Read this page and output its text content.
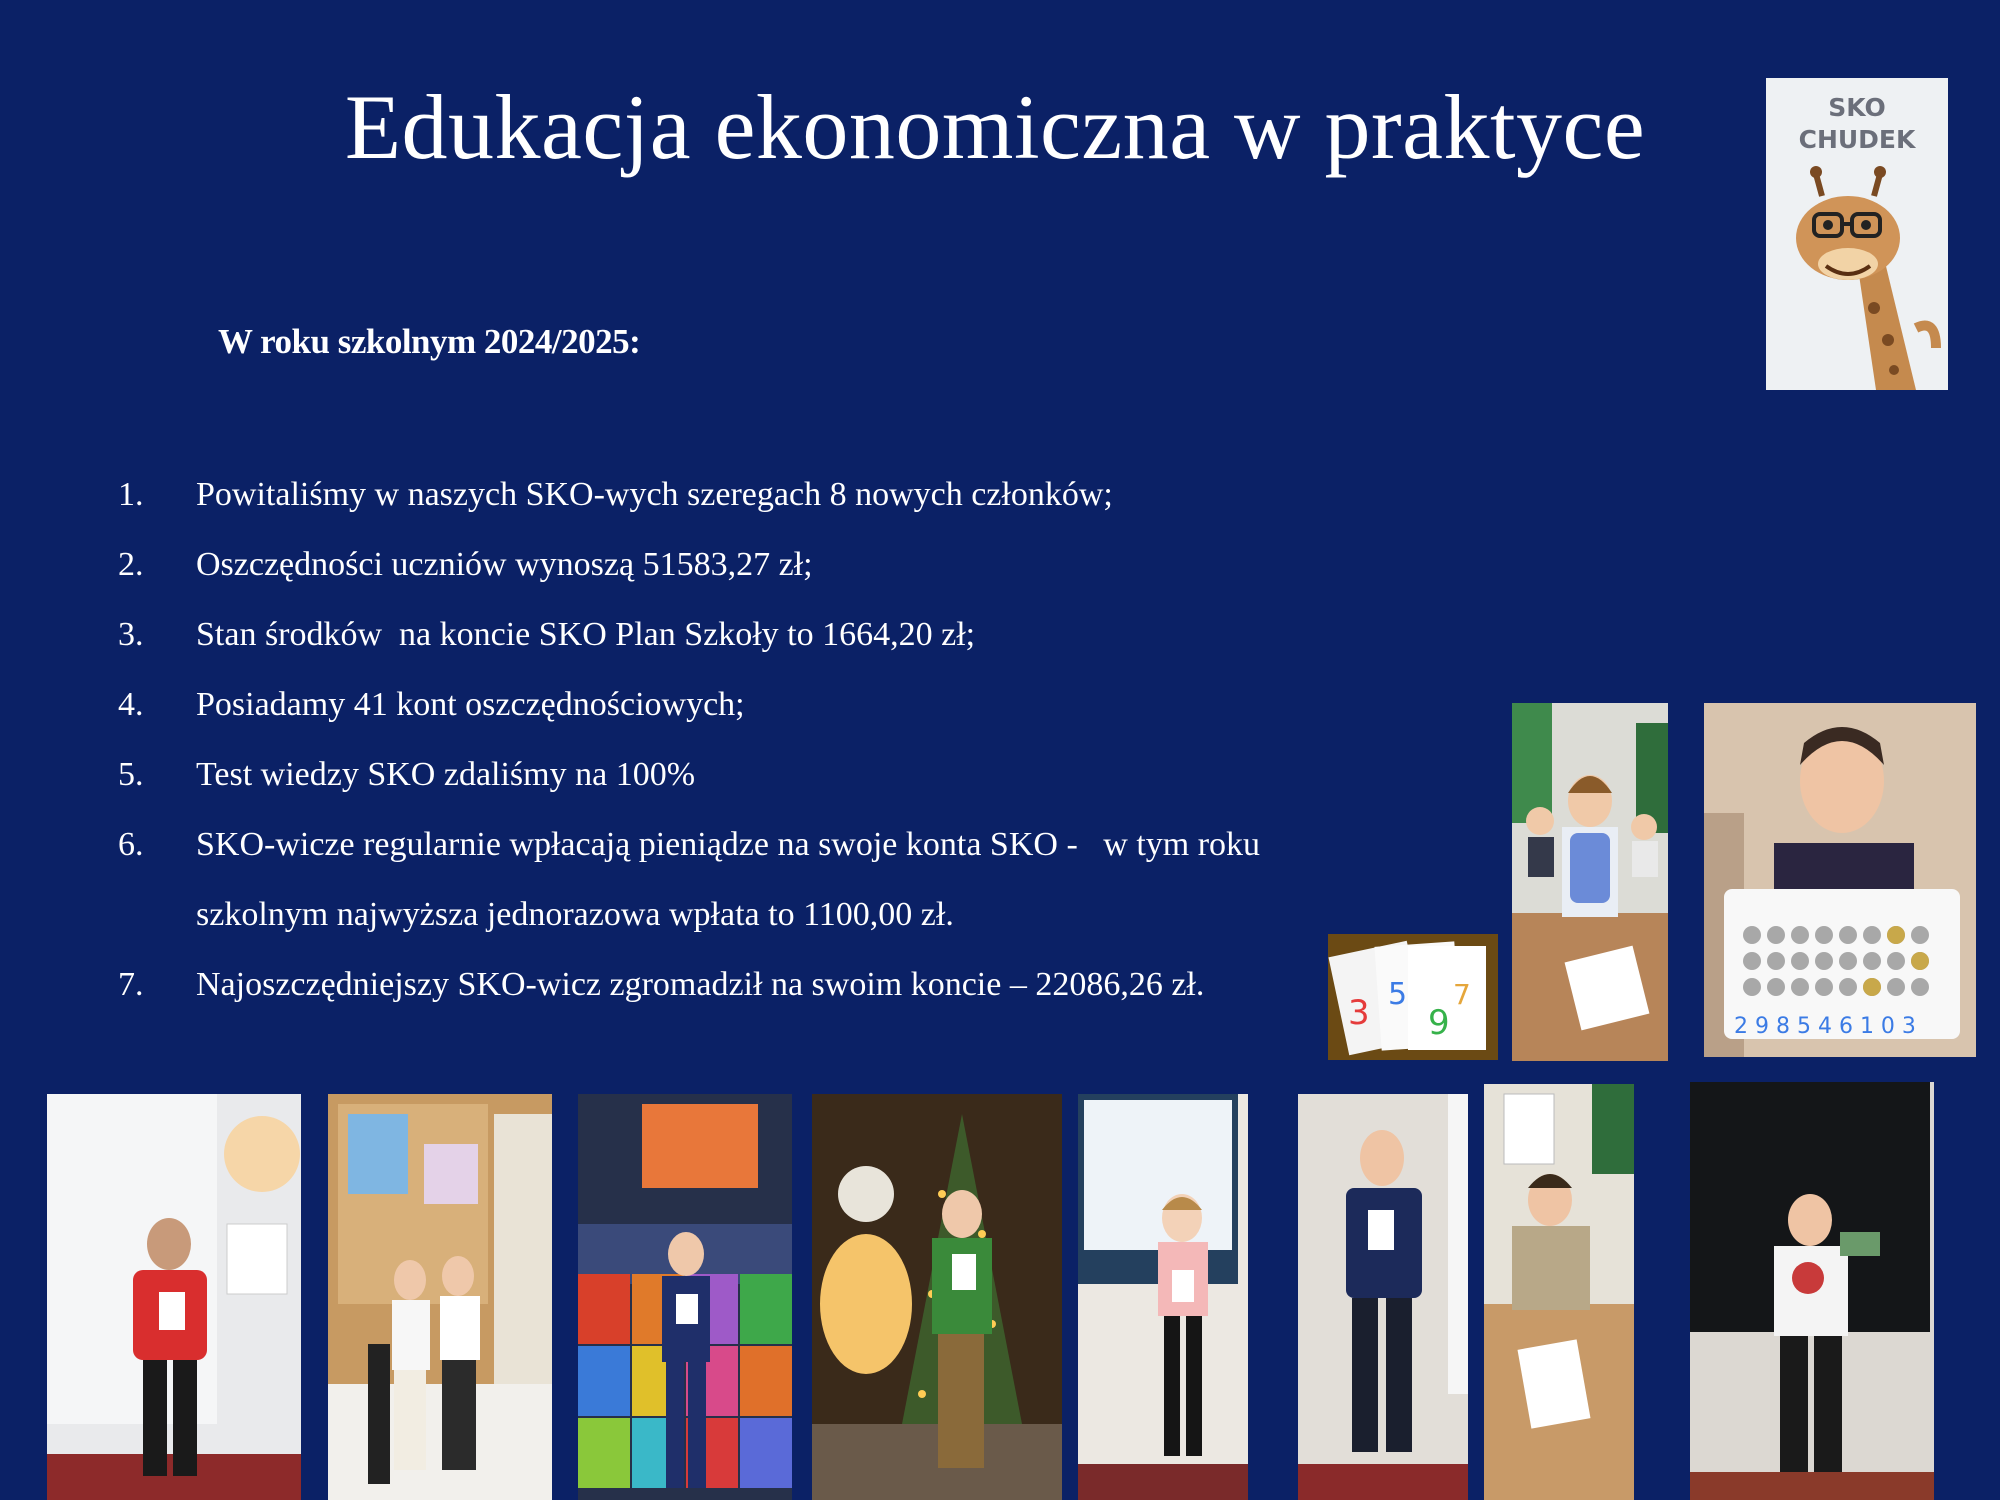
Edukacja ekonomiczna w praktyce
W roku szkolnym 2024/2025:
1. Powitaliśmy w naszych SKO-wych szeregach 8 nowych członków;
2. Oszczędności uczniów wynoszą 51583,27 zł;
3. Stan środków  na koncie SKO Plan Szkoły to 1664,20 zł;
4. Posiadamy 41 kont oszczędnościowych;
5. Test wiedzy SKO zdaliśmy na 100%
6. SKO-wicze regularnie wpłacają pieniądze na swoje konta SKO -   w tym roku szkolnym najwyższa jednorazowa wpłata to 1100,00 zł.
7. Najoszczędniejszy SKO-wicz zgromadził na swoim koncie – 22086,26 zł.
SKO
CHUDEK
3 5
9
7
2 9 8 5 4 6 1 0 3
